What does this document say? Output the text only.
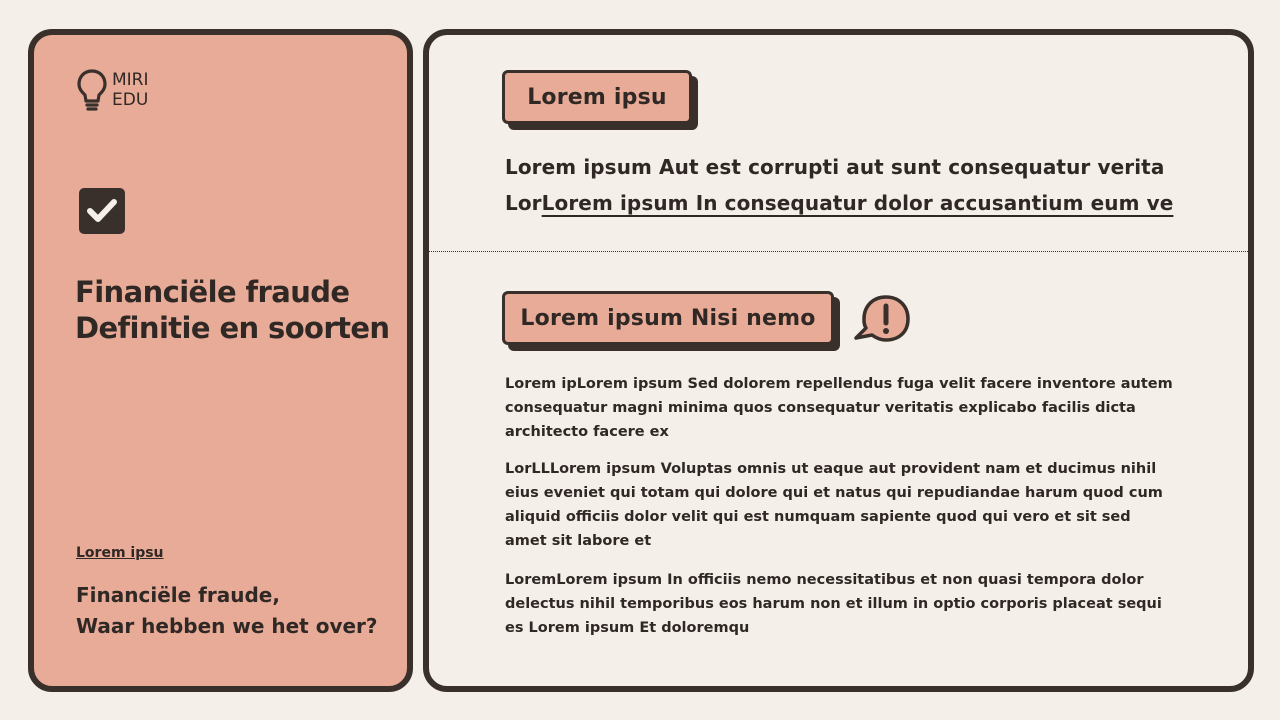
MIRI
EDU
Financiële fraude
Definitie en soorten
Lorem ipsu
Financiële fraude,
Waar hebben we het over?
Lorem ipsu
Lorem ipsum Aut est corrupti aut sunt consequatur verita
LorLorem ipsum In consequatur dolor accusantium eum ve
Lorem ipsum Nisi nemo

Lorem ipLorem ipsum Sed dolorem repellendus fuga velit facere inventore autem consequatur magni minima quos consequatur veritatis explicabo facilis dicta architecto facere ex

LorLLLorem ipsum Voluptas omnis ut eaque aut provident nam et ducimus nihil eius eveniet qui totam qui dolore qui et natus qui repudiandae harum quod cum aliquid officiis dolor velit qui est numquam sapiente quod qui vero et sit sed amet sit labore et

LoremLorem ipsum In officiis nemo necessitatibus et non quasi tempora dolor delectus nihil temporibus eos harum non et illum in optio corporis placeat sequi es Lorem ipsum Et doloremqu
